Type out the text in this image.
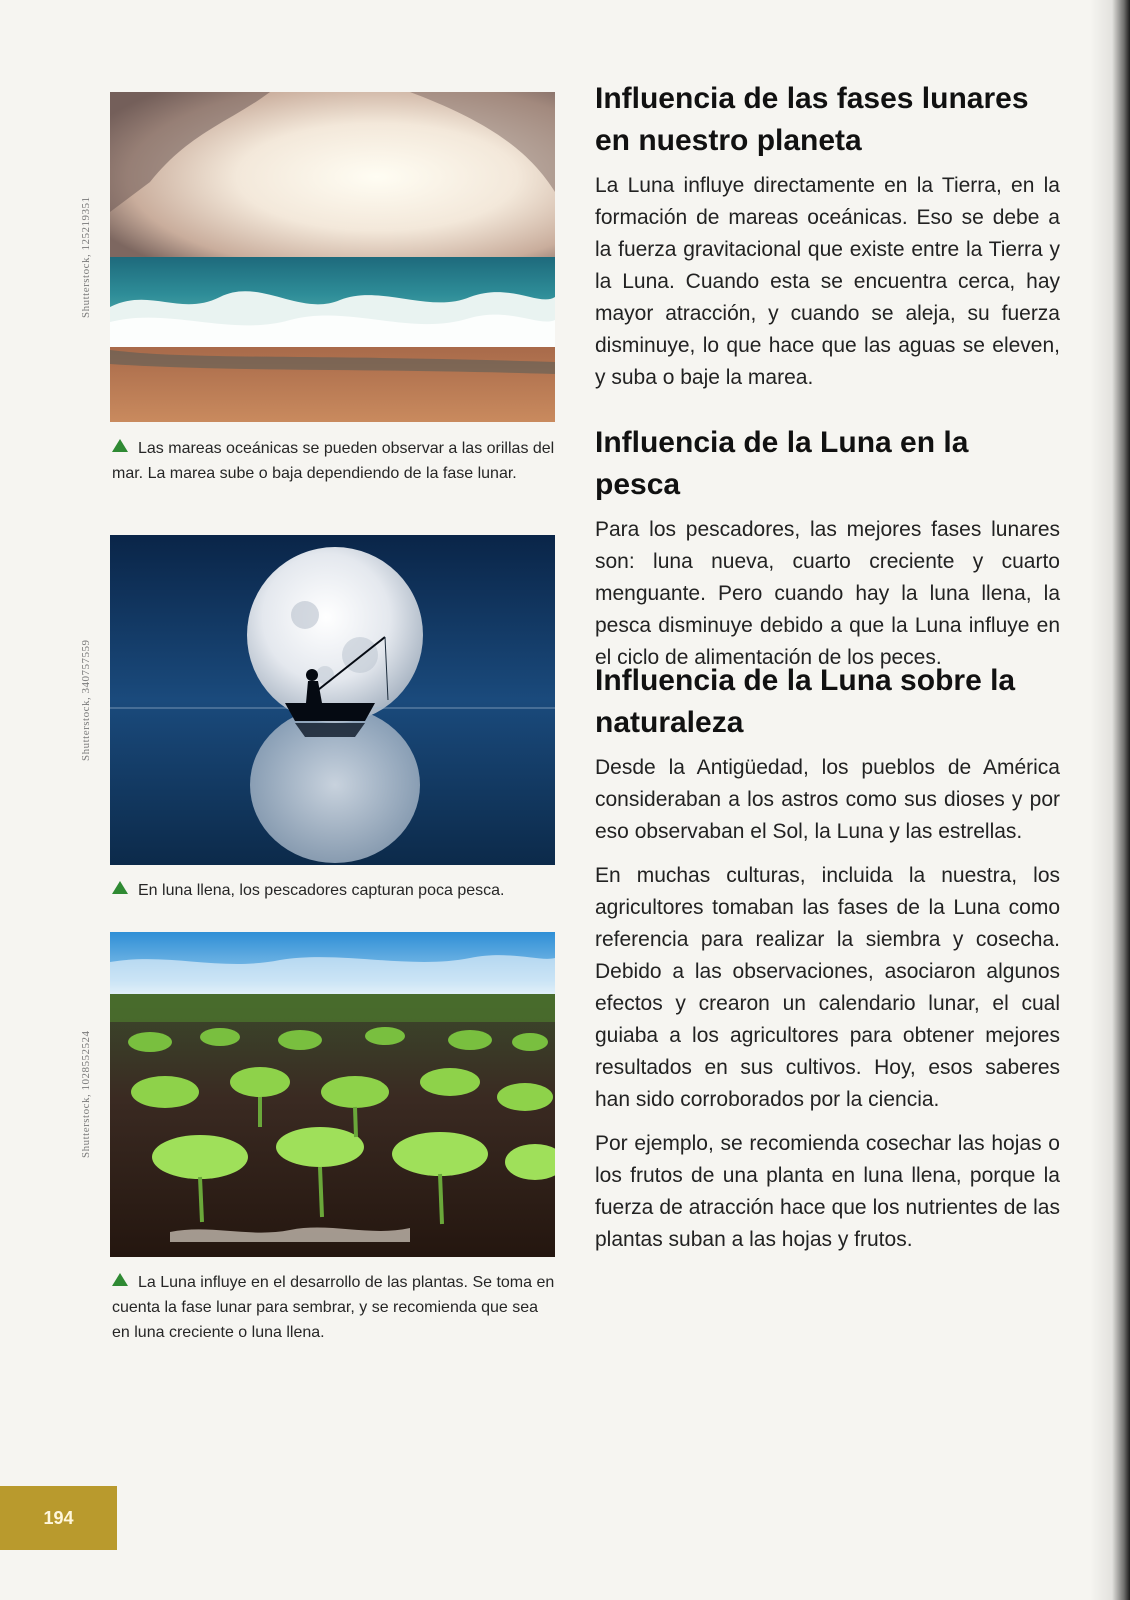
Shutterstock, 125219351
Las mareas oceánicas se pueden observar a las orillas del mar. La marea sube o baja dependiendo de la fase lunar.
Shutterstock, 340757559
En luna llena, los pescadores capturan poca pesca.
Shutterstock, 1028552524
La Luna influye en el desarrollo de las plantas. Se toma en cuenta la fase lunar para sembrar, y se recomienda que sea en luna creciente o luna llena.
Influencia de las fases lunares en nuestro planeta

La Luna influye directamente en la Tierra, en la formación de mareas oceánicas. Eso se debe a la fuerza gravitacional que existe entre la Tierra y la Luna. Cuando esta se encuentra cerca, hay mayor atracción, y cuando se aleja, su fuerza disminuye, lo que hace que las aguas se eleven, y suba o baje la marea.

Influencia de la Luna en la pesca

Para los pescadores, las mejores fases lunares son: luna nueva, cuarto creciente y cuarto menguante. Pero cuando hay la luna llena, la pesca disminuye debido a que la Luna influye en el ciclo de alimentación de los peces.

Influencia de la Luna sobre la naturaleza

Desde la Antigüedad, los pueblos de América consideraban a los astros como sus dioses y por eso observaban el Sol, la Luna y las estrellas.

En muchas culturas, incluida la nuestra, los agricultores tomaban las fases de la Luna como referencia para realizar la siembra y cosecha. Debido a las observaciones, asociaron algunos efectos y crearon un calendario lunar, el cual guiaba a los agricultores para obtener mejores resultados en sus cultivos. Hoy, esos saberes han sido corroborados por la ciencia.

Por ejemplo, se recomienda cosechar las hojas o los frutos de una planta en luna llena, porque la fuerza de atracción hace que los nutrientes de las plantas suban a las hojas y frutos.

194
